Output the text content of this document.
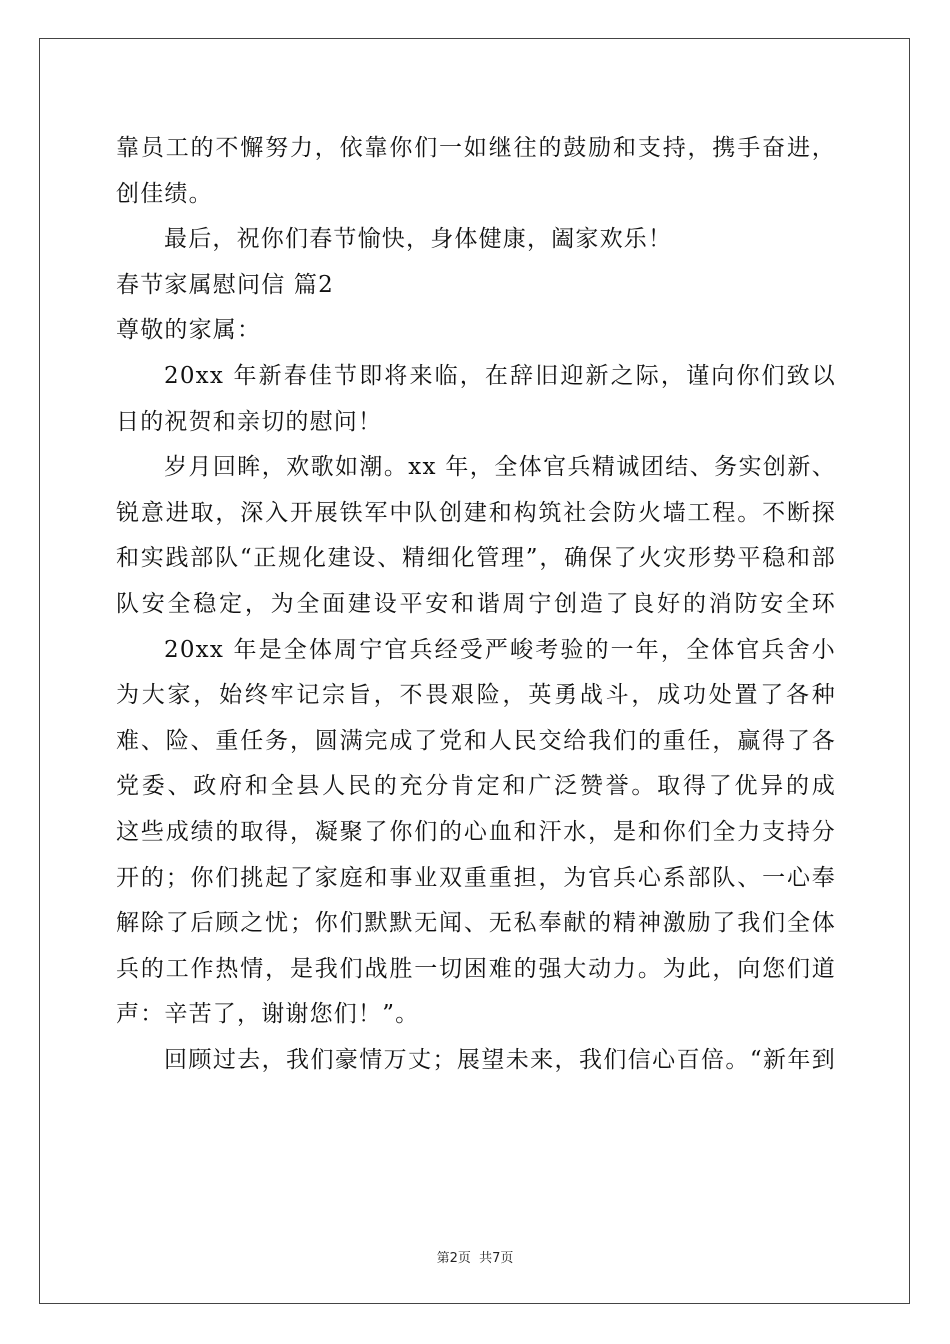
靠员工的不懈努力，依靠你们一如继往的鼓励和支持，携手奋进，
创佳绩。
最后，祝你们春节愉快，身体健康，阖家欢乐！
春节家属慰问信 篇2
尊敬的家属：
20xx 年新春佳节即将来临，在辞旧迎新之际，谨向你们致以
日的祝贺和亲切的慰问！
岁月回眸，欢歌如潮。xx 年，全体官兵精诚团结、务实创新、
锐意进取，深入开展铁军中队创建和构筑社会防火墙工程。不断探
和实践部队“正规化建设、精细化管理”，确保了火灾形势平稳和部
队安全稳定，为全面建设平安和谐周宁创造了良好的消防安全环
20xx 年是全体周宁官兵经受严峻考验的一年，全体官兵舍小
为大家，始终牢记宗旨，不畏艰险，英勇战斗，成功处置了各种
难、险、重任务，圆满完成了党和人民交给我们的重任，赢得了各
党委、政府和全县人民的充分肯定和广泛赞誉。取得了优异的成
这些成绩的取得，凝聚了你们的心血和汗水，是和你们全力支持分
开的；你们挑起了家庭和事业双重重担，为官兵心系部队、一心奉
解除了后顾之忧；你们默默无闻、无私奉献的精神激励了我们全体
兵的工作热情，是我们战胜一切困难的强大动力。为此，向您们道
声：辛苦了，谢谢您们！”。
回顾过去，我们豪情万丈；展望未来，我们信心百倍。“新年到
第2页 共7页
